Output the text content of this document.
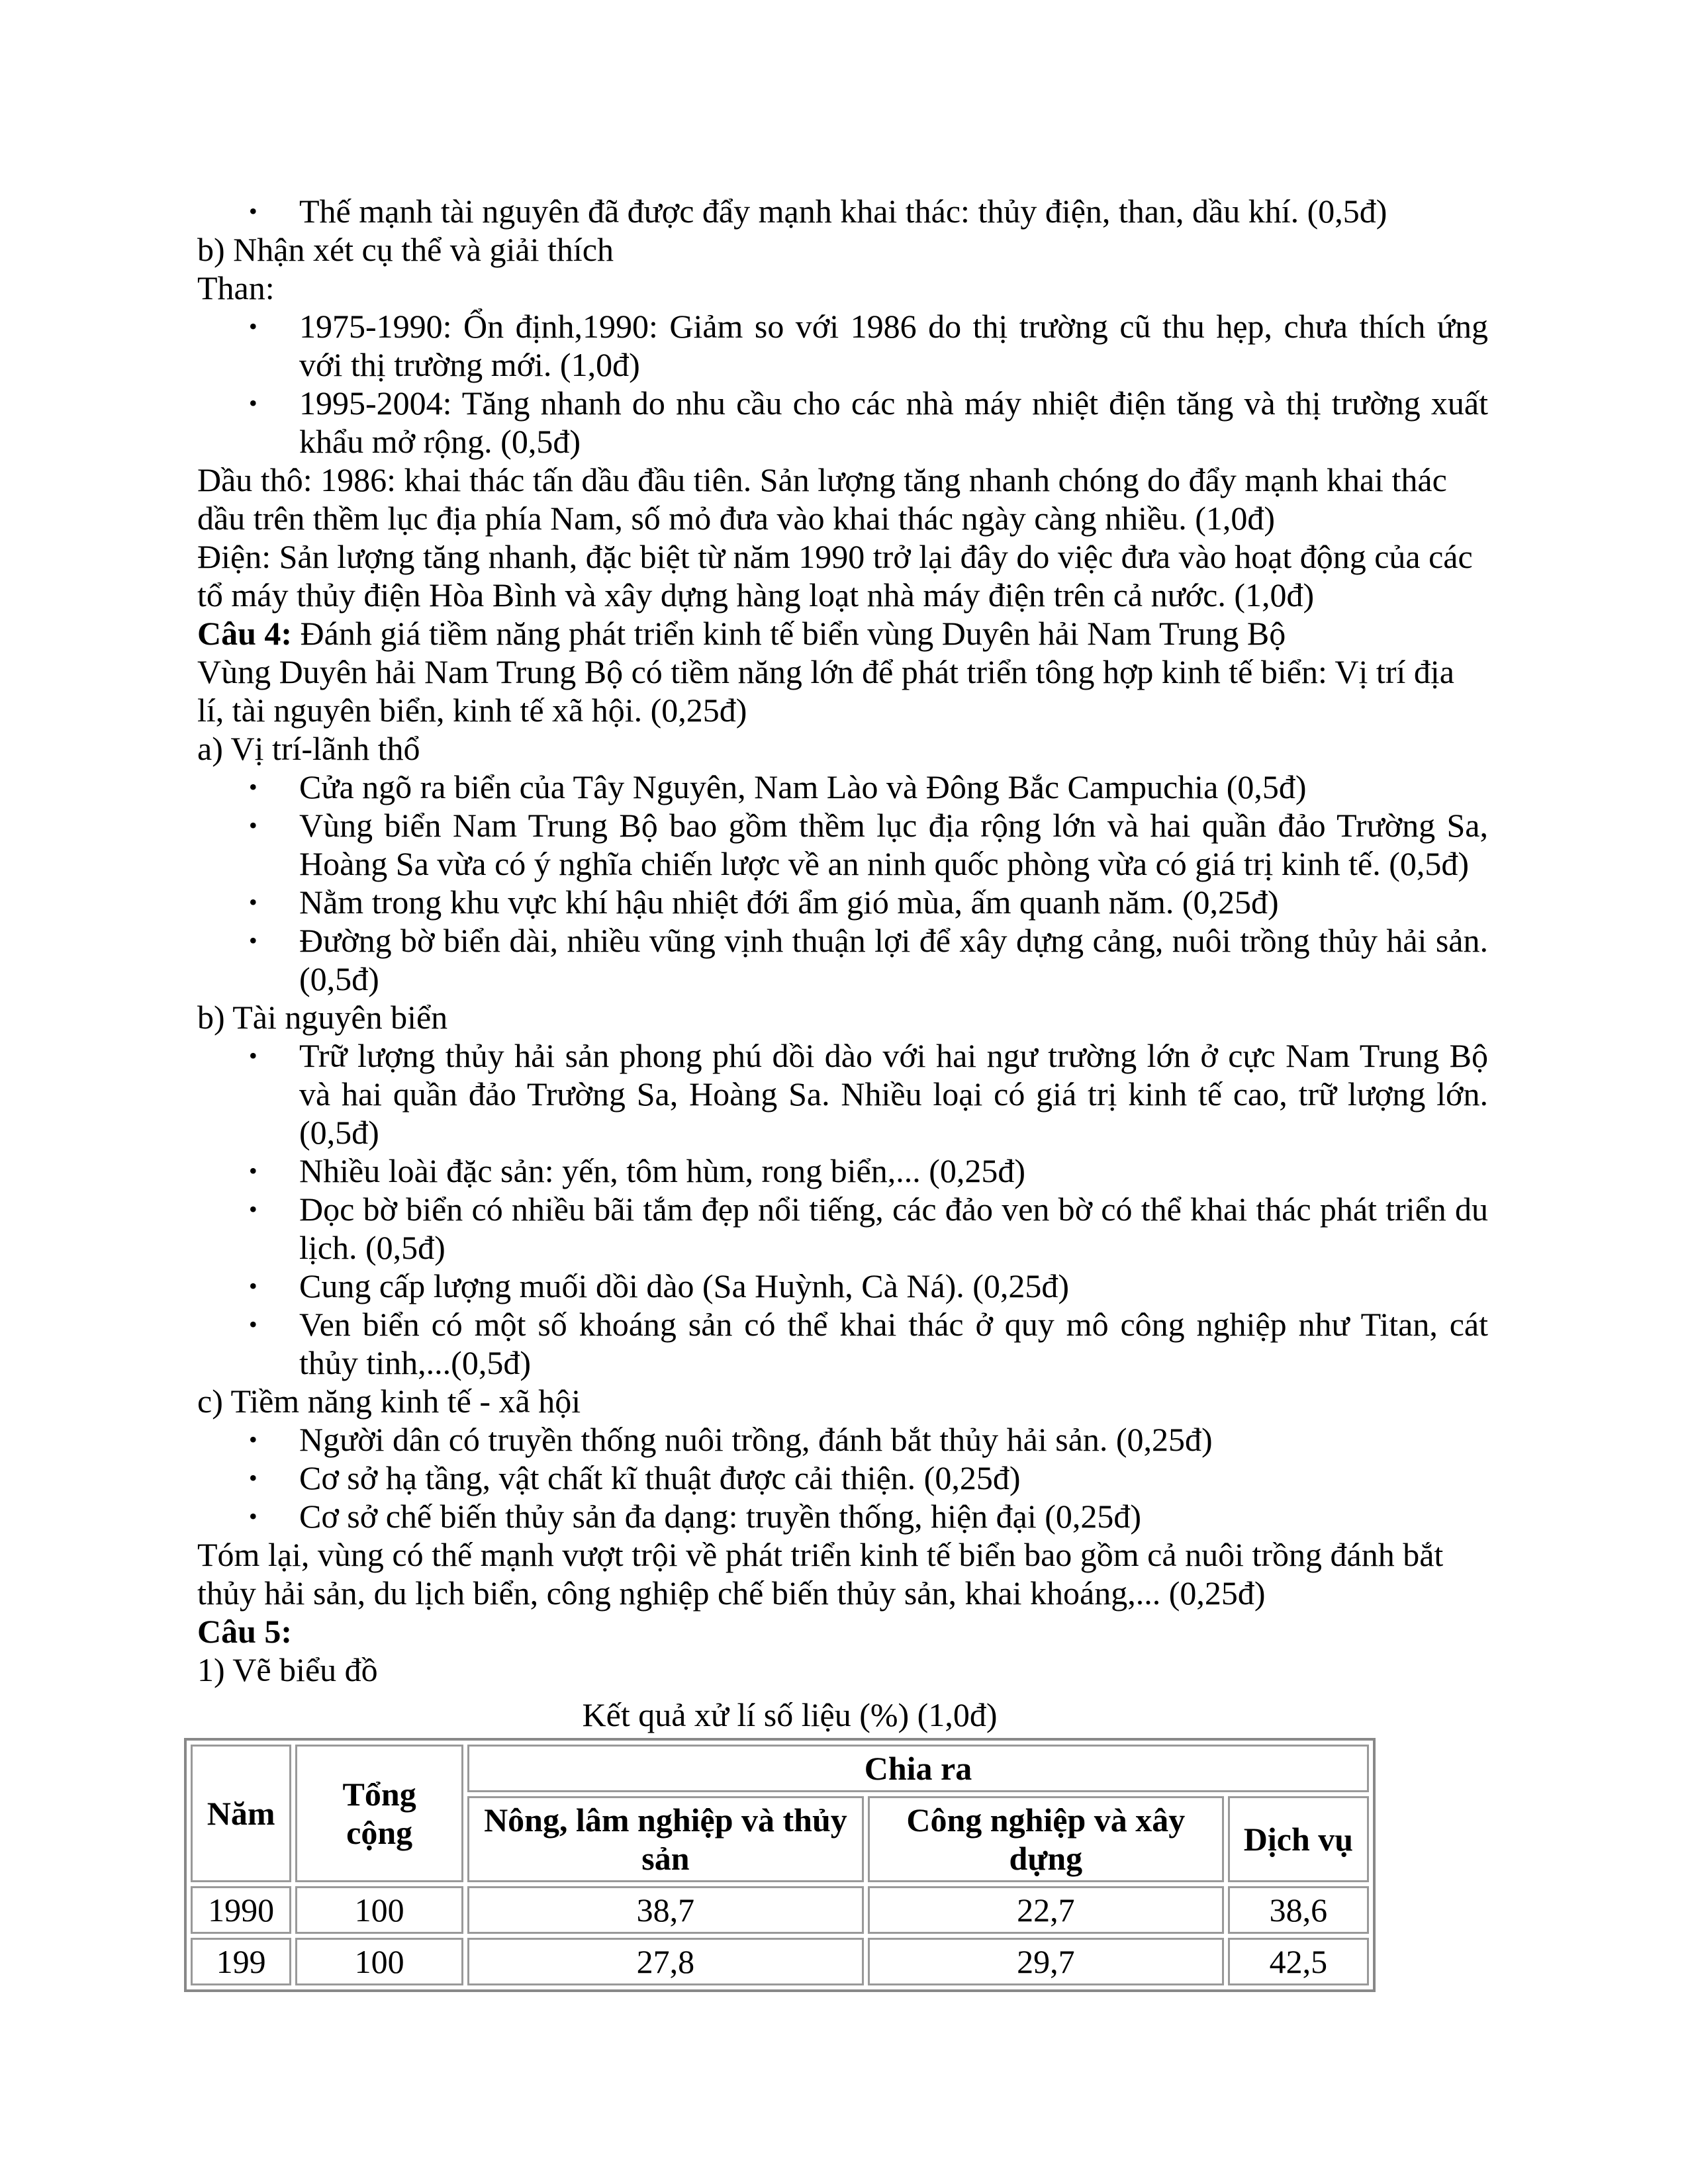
• Thế mạnh tài nguyên đã được đẩy mạnh khai thác: thủy điện, than, dầu khí. (0,5đ)

b) Nhận xét cụ thể và giải thích

Than:

• 1975-1990: Ổn định,1990: Giảm so với 1986 do thị trường cũ thu hẹp, chưa thích ứng với thị trường mới. (1,0đ)
• 1995-2004: Tăng nhanh do nhu cầu cho các nhà máy nhiệt điện tăng và thị trường xuất khẩu mở rộng. (0,5đ)

Dầu thô: 1986: khai thác tấn dầu đầu tiên. Sản lượng tăng nhanh chóng do đẩy mạnh khai thác dầu trên thềm lục địa phía Nam, số mỏ đưa vào khai thác ngày càng nhiều. (1,0đ)

Điện: Sản lượng tăng nhanh, đặc biệt từ năm 1990 trở lại đây do việc đưa vào hoạt động của các tổ máy thủy điện Hòa Bình và xây dựng hàng loạt nhà máy điện trên cả nước. (1,0đ)

Câu 4: Đánh giá tiềm năng phát triển kinh tế biển vùng Duyên hải Nam Trung Bộ

Vùng Duyên hải Nam Trung Bộ có tiềm năng lớn để phát triển tông hợp kinh tế biển: Vị trí địa lí, tài nguyên biển, kinh tế xã hội. (0,25đ)

a) Vị trí-lãnh thổ

• Cửa ngõ ra biển của Tây Nguyên, Nam Lào và Đông Bắc Campuchia (0,5đ)
• Vùng biển Nam Trung Bộ bao gồm thềm lục địa rộng lớn và hai quần đảo Trường Sa, Hoàng Sa vừa có ý nghĩa chiến lược về an ninh quốc phòng vừa có giá trị kinh tế. (0,5đ)
• Nằm trong khu vực khí hậu nhiệt đới ẩm gió mùa, ấm quanh năm. (0,25đ)
• Đường bờ biển dài, nhiều vũng vịnh thuận lợi để xây dựng cảng, nuôi trồng thủy hải sản. (0,5đ)

b) Tài nguyên biển

• Trữ lượng thủy hải sản phong phú dồi dào với hai ngư trường lớn ở cực Nam Trung Bộ và hai quần đảo Trường Sa, Hoàng Sa. Nhiều loại có giá trị kinh tế cao, trữ lượng lớn. (0,5đ)
• Nhiều loài đặc sản: yến, tôm hùm, rong biển,... (0,25đ)
• Dọc bờ biển có nhiều bãi tắm đẹp nổi tiếng, các đảo ven bờ có thể khai thác phát triển du lịch. (0,5đ)
• Cung cấp lượng muối dồi dào (Sa Huỳnh, Cà Ná). (0,25đ)
• Ven biển có một số khoáng sản có thể khai thác ở quy mô công nghiệp như Titan, cát thủy tinh,...(0,5đ)

c) Tiềm năng kinh tế - xã hội

• Người dân có truyền thống nuôi trồng, đánh bắt thủy hải sản. (0,25đ)
• Cơ sở hạ tầng, vật chất kĩ thuật được cải thiện. (0,25đ)
• Cơ sở chế biến thủy sản đa dạng: truyền thống, hiện đại (0,25đ)

Tóm lại, vùng có thế mạnh vượt trội về phát triển kinh tế biển bao gồm cả nuôi trồng đánh bắt thủy hải sản, du lịch biển, công nghiệp chế biến thủy sản, khai khoáng,... (0,25đ)

Câu 5:

1) Vẽ biểu đồ

Kết quả xử lí số liệu (%) (1,0đ)

Năm	Tổng cộng	Chia ra		
		Nông, lâm nghiệp và thủy sản	Công nghiệp và xây dựng	Dịch vụ
1990	100	38,7	22,7	38,6
199	100	27,8	29,7	42,5
